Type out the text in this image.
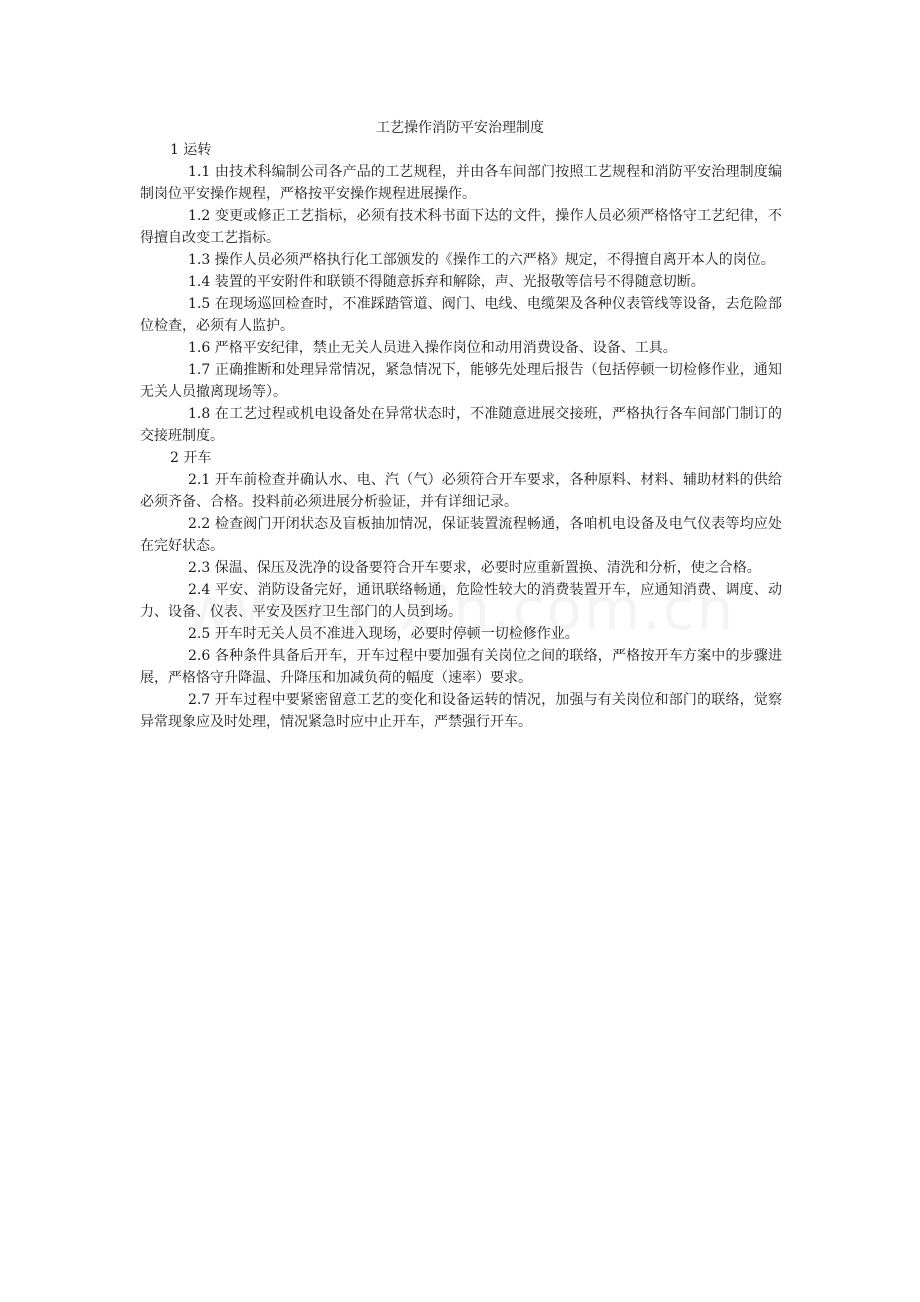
工艺操作消防平安治理制度

1 运转

1.1 由技术科编制公司各产品的工艺规程，并由各车间部门按照工艺规程和消防平安治理制度编制岗位平安操作规程，严格按平安操作规程进展操作。

1.2 变更或修正工艺指标，必须有技术科书面下达的文件，操作人员必须严格恪守工艺纪律，不得擅自改变工艺指标。

1.3 操作人员必须严格执行化工部颁发的《操作工的六严格》规定，不得擅自离开本人的岗位。

1.4 装置的平安附件和联锁不得随意拆弃和解除，声、光报敬等信号不得随意切断。

1.5 在现场巡回检查时，不准踩踏管道、阀门、电线、电缆架及各种仪表管线等设备，去危险部位检查，必须有人监护。

1.6 严格平安纪律，禁止无关人员进入操作岗位和动用消费设备、设备、工具。

1.7 正确推断和处理异常情况，紧急情况下，能够先处理后报告（包括停顿一切检修作业，通知无关人员撤离现场等）。

1.8 在工艺过程或机电设备处在异常状态时，不准随意进展交接班，严格执行各车间部门制订的交接班制度。

2 开车

2.1 开车前检查并确认水、电、汽（气）必须符合开车要求，各种原料、材料、辅助材料的供给必须齐备、合格。投料前必须进展分析验证，并有详细记录。

2.2 检查阀门开闭状态及盲板抽加情况，保证装置流程畅通，各咱机电设备及电气仪表等均应处在完好状态。

2.3 保温、保压及洗净的设备要符合开车要求，必要时应重新置换、清洗和分析，使之合格。

2.4 平安、消防设备完好，通讯联络畅通，危险性较大的消费装置开车，应通知消费、调度、动力、设备、仪表、平安及医疗卫生部门的人员到场。

2.5 开车时无关人员不准进入现场，必要时停顿一切检修作业。

2.6 各种条件具备后开车，开车过程中要加强有关岗位之间的联络，严格按开车方案中的步骤进展，严格恪守升降温、升降压和加减负荷的幅度（速率）要求。

2.7 开车过程中要紧密留意工艺的变化和设备运转的情况，加强与有关岗位和部门的联络，觉察异常现象应及时处理，情况紧急时应中止开车，严禁强行开车。
